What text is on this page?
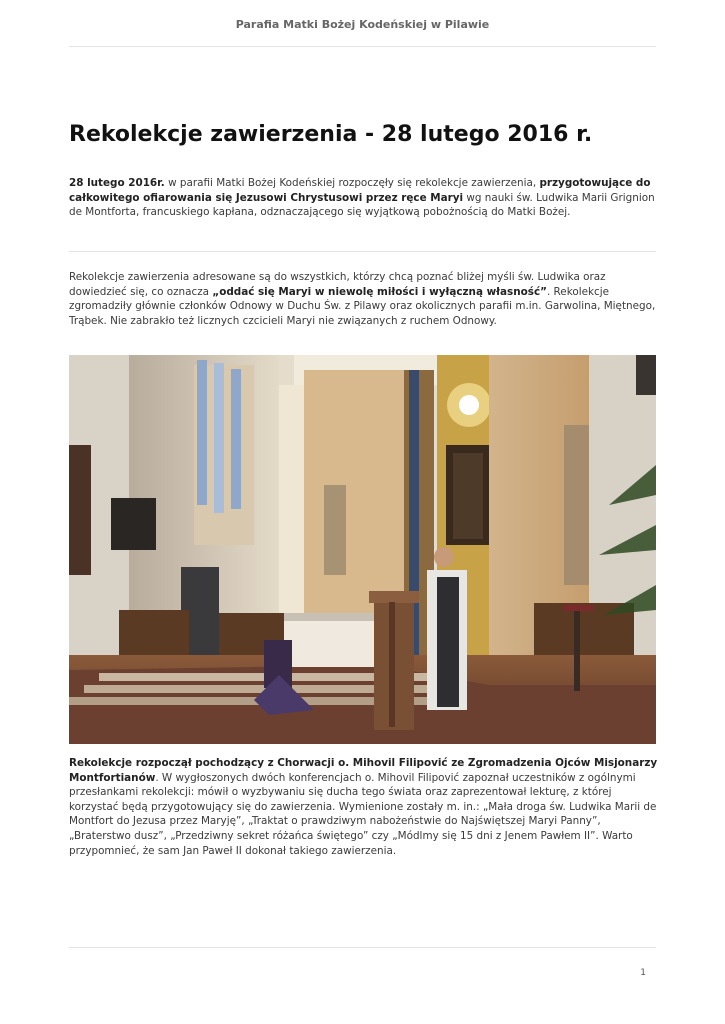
Parafia Matki Bożej Kodeńskiej w Pilawie
Rekolekcje zawierzenia - 28 lutego 2016 r.

28 lutego 2016r. w parafii Matki Bożej Kodeńskiej rozpoczęły się rekolekcje zawierzenia, przygotowujące do całkowitego ofiarowania się Jezusowi Chrystusowi przez ręce Maryi wg nauki św. Ludwika Marii Grignion de Montforta, francuskiego kapłana, odznaczającego się wyjątkową pobożnością do Matki Bożej.

Rekolekcje zawierzenia adresowane są do wszystkich, którzy chcą poznać bliżej myśli św. Ludwika oraz dowiedzieć się, co oznacza „oddać się Maryi w niewolę miłości i wyłączną własność”. Rekolekcje zgromadziły głównie członków Odnowy w Duchu Św. z Pilawy oraz okolicznych parafii m.in. Garwolina, Miętnego, Trąbek. Nie zabrakło też licznych czcicieli Maryi nie związanych z ruchem Odnowy.

Rekolekcje rozpoczął pochodzący z Chorwacji o. Mihovil Filipović ze Zgromadzenia Ojców Misjonarzy Montfortianów. W wygłoszonych dwóch konferencjach o. Mihovil Filipović zapoznał uczestników z ogólnymi przesłankami rekolekcji: mówił o wyzbywaniu się ducha tego świata oraz zaprezentował lekturę, z której korzystać będą przygotowujący się do zawierzenia. Wymienione zostały m. in.: „Mała droga św. Ludwika Marii de Montfort do Jezusa przez Maryję”, „Traktat o prawdziwym nabożeństwie do Najświętszej Maryi Panny”, „Braterstwo dusz”, „Przedziwny sekret różańca świętego” czy „Módlmy się 15 dni z Jenem Pawłem II”. Warto przypomnieć, że sam Jan Paweł II dokonał takiego zawierzenia.

1
